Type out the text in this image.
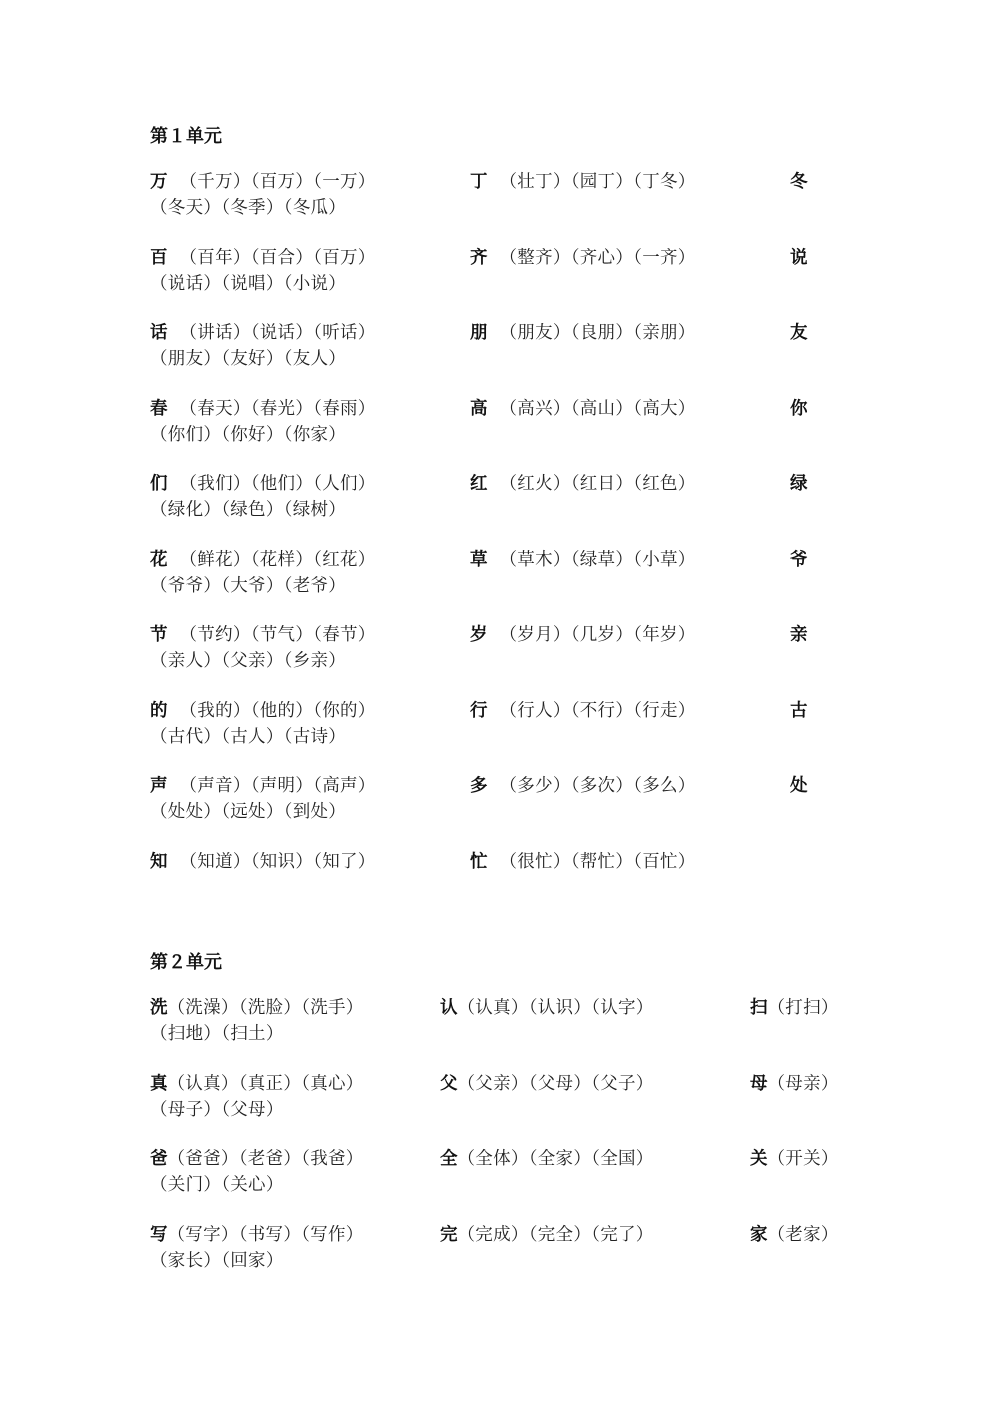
第１单元
万 （千万）（百万）（一万）	丁 （壮丁）（园丁）（丁冬）	冬
（冬天）（冬季）（冬瓜）
百 （百年）（百合）（百万）	齐 （整齐）（齐心）（一齐）	说
（说话）（说唱）（小说）
话 （讲话）（说话）（听话）	朋 （朋友）（良朋）（亲朋）	友
（朋友）（友好）（友人）
春 （春天）（春光）（春雨）	高 （高兴）（高山）（高大）	你
（你们）（你好）（你家）
们 （我们）（他们）（人们）	红 （红火）（红日）（红色）	绿
（绿化）（绿色）（绿树）
花 （鲜花）（花样）（红花）	草 （草木）（绿草）（小草）	爷
（爷爷）（大爷）（老爷）
节 （节约）（节气）（春节）	岁 （岁月）（几岁）（年岁）	亲
（亲人）（父亲）（乡亲）
的 （我的）（他的）（你的）	行 （行人）（不行）（行走）	古
（古代）（古人）（古诗）
声 （声音）（声明）（高声）	多 （多少）（多次）（多么）	处
（处处）（远处）（到处）
知 （知道）（知识）（知了）	忙 （很忙）（帮忙）（百忙）
第２单元
洗（洗澡）（洗脸）（洗手）	认（认真）（认识）（认字）	扫（打扫）
（扫地）（扫土）
真（认真）（真正）（真心）	父（父亲）（父母）（父子）	母（母亲）
（母子）（父母）
爸（爸爸）（老爸）（我爸）	全（全体）（全家）（全国）	关（开关）
（关门）（关心）
写（写字）（书写）（写作）	完（完成）（完全）（完了）	家（老家）
（家长）（回家）
